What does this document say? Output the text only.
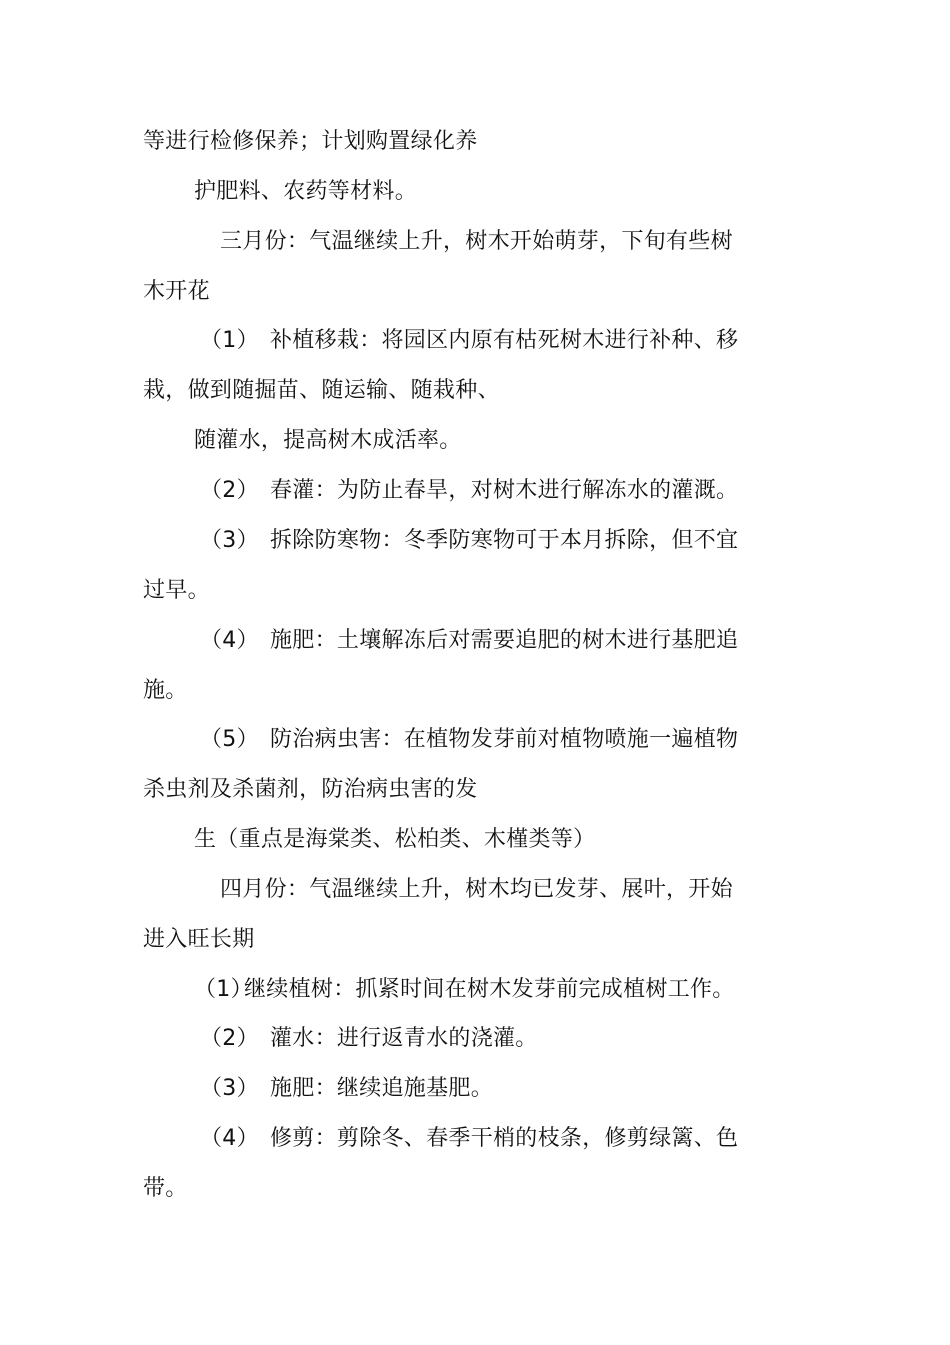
等进行检修保养；计划购置绿化养
护肥料、农药等材料。
三月份：气温继续上升，树木开始萌芽，下旬有些树
木开花
（1） 补植移栽：将园区内原有枯死树木进行补种、移
栽，做到随掘苗、随运输、随栽种、
随灌水，提高树木成活率。
（2） 春灌：为防止春旱，对树木进行解冻水的灌溉。
（3） 拆除防寒物：冬季防寒物可于本月拆除，但不宜
过早。
（4） 施肥：土壤解冻后对需要追肥的树木进行基肥追
施。
（5） 防治病虫害：在植物发芽前对植物喷施一遍植物
杀虫剂及杀菌剂，防治病虫害的发
生（重点是海棠类、松柏类、木槿类等）
四月份：气温继续上升，树木均已发芽、展叶，开始
进入旺长期
（1）继续植树：抓紧时间在树木发芽前完成植树工作。
（2） 灌水：进行返青水的浇灌。
（3） 施肥：继续追施基肥。
（4） 修剪：剪除冬、春季干梢的枝条，修剪绿篱、色
带。
